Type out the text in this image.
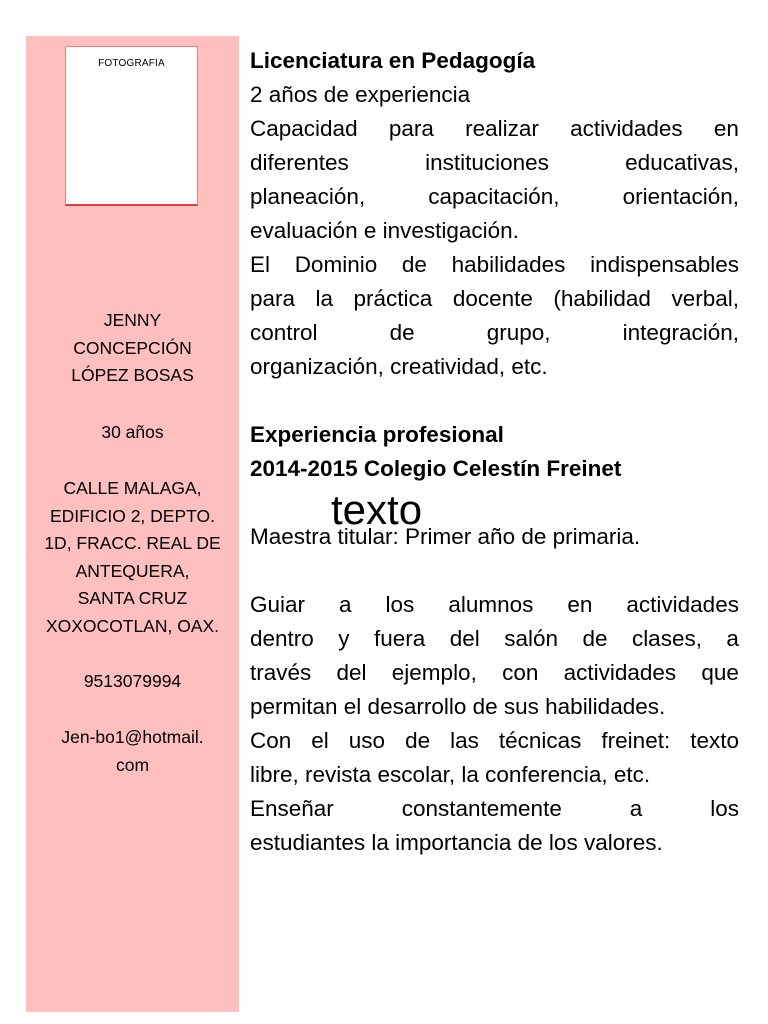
FOTOGRAFIA
JENNY
CONCEPCIÓN
LÓPEZ BOSAS
30 años
CALLE MALAGA,
EDIFICIO 2, DEPTO.
1D, FRACC. REAL DE
ANTEQUERA,
SANTA CRUZ
XOXOCOTLAN, OAX.
9513079994
Jen-bo1@hotmail.
com
Licenciatura en Pedagogía
2 años de experiencia
Capacidad para realizar actividades en
diferentes	instituciones	educativas,
planeación,	capacitación,	orientación,
evaluación e investigación.
El Dominio de habilidades indispensables
para la práctica docente (habilidad verbal,
control	de	grupo,	integración,
organización, creatividad, etc.
Experiencia profesional
2014-2015 Colegio Celestín Freinet
Maestra titular: Primer año de primaria.
Guiar a los alumnos en actividades
dentro y fuera del salón de clases, a
través del ejemplo, con actividades que
permitan el desarrollo de sus habilidades.
Con el uso de las técnicas freinet: texto
libre, revista escolar, la conferencia, etc.
Enseñar	constantemente	a	los
estudiantes la importancia de los valores.
texto
